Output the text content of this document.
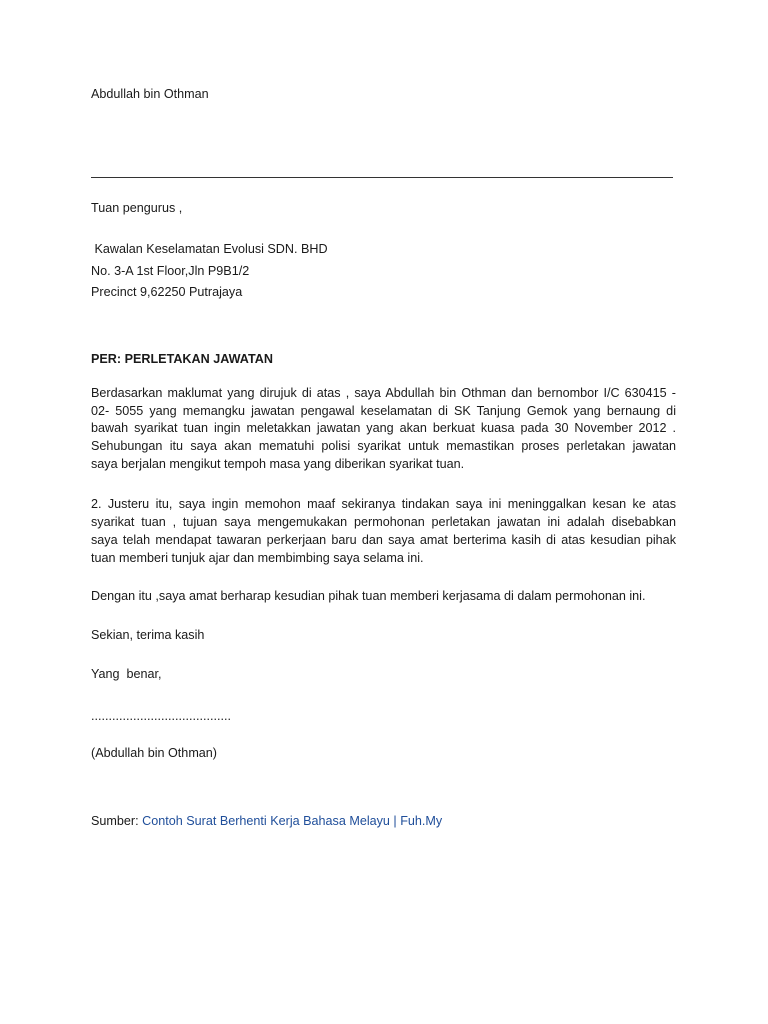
Abdullah bin Othman
Tuan pengurus ,
Kawalan Keselamatan Evolusi SDN. BHD
No. 3-A 1st Floor,Jln P9B1/2
Precinct 9,62250 Putrajaya
PER: PERLETAKAN JAWATAN
Berdasarkan maklumat yang dirujuk di atas , saya Abdullah bin Othman dan bernombor I/C 630415 -
02- 5055 yang memangku jawatan pengawal keselamatan di SK Tanjung Gemok yang bernaung di
bawah syarikat tuan ingin meletakkan jawatan yang akan berkuat kuasa pada 30 November 2012 .
Sehubungan itu saya akan mematuhi polisi syarikat untuk memastikan proses perletakan jawatan
saya berjalan mengikut tempoh masa yang diberikan syarikat tuan.
2. Justeru itu, saya ingin memohon maaf sekiranya tindakan saya ini meninggalkan kesan ke atas
syarikat tuan , tujuan saya mengemukakan permohonan perletakan jawatan ini adalah disebabkan
saya telah mendapat tawaran perkerjaan baru dan saya amat berterima kasih di atas kesudian pihak
tuan memberi tunjuk ajar dan membimbing saya selama ini.
Dengan itu ,saya amat berharap kesudian pihak tuan memberi kerjasama di dalam permohonan ini.
Sekian, terima kasih
Yang  benar,
........................................
(Abdullah bin Othman)
Sumber: Contoh Surat Berhenti Kerja Bahasa Melayu | Fuh.My
